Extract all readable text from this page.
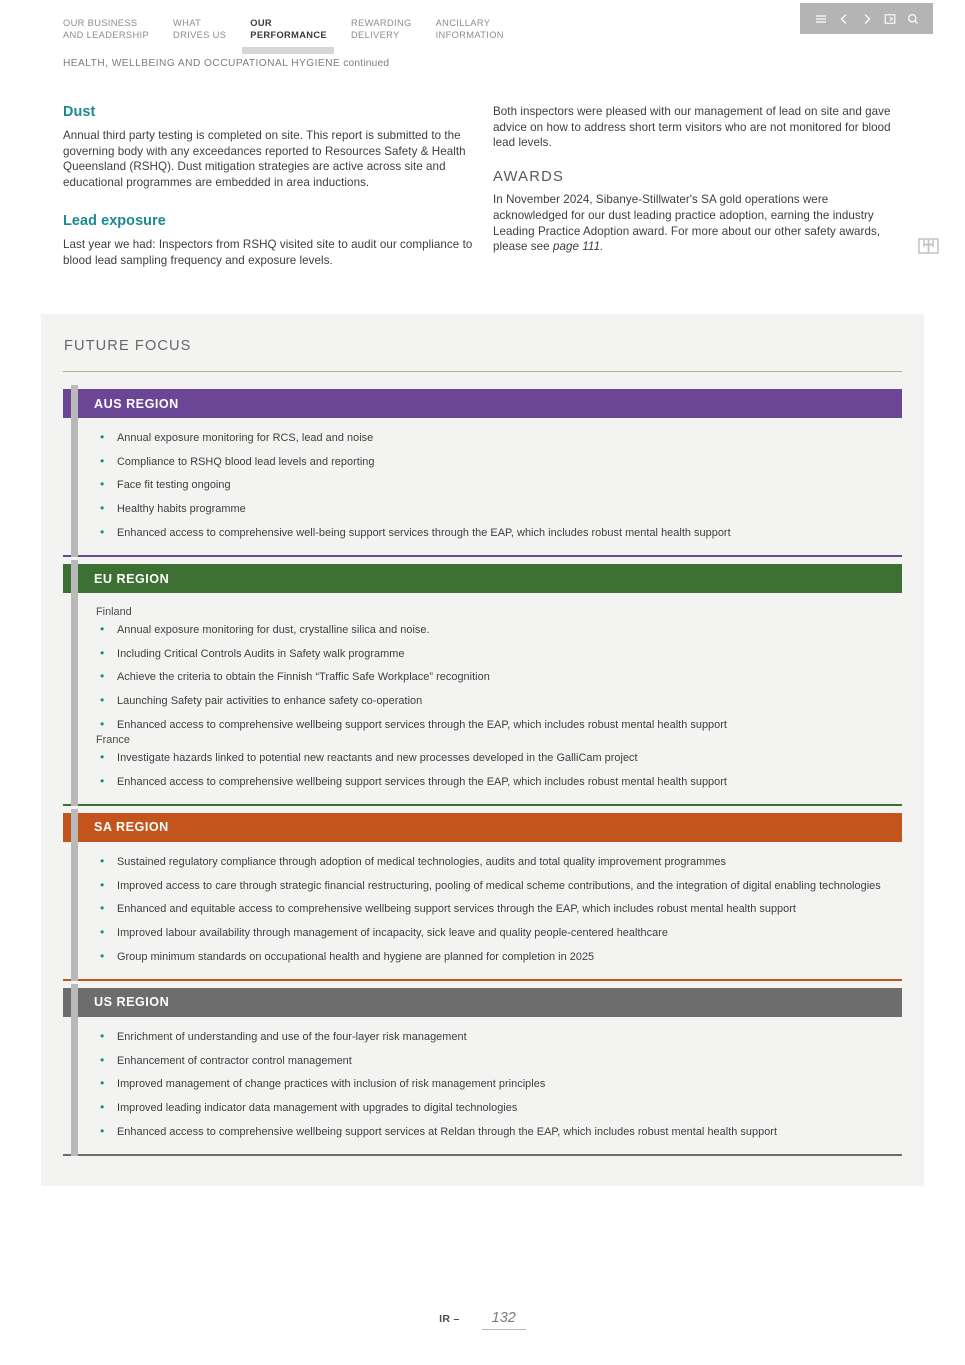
OUR BUSINESS
AND LEADERSHIP
WHAT
DRIVES US
OUR
PERFORMANCE
REWARDING
DELIVERY
ANCILLARY
INFORMATION
HEALTH, WELLBEING AND OCCUPATIONAL HYGIENE continued
Dust

Annual third party testing is completed on site. This report is submitted to the governing body with any exceedances reported to Resources Safety & Health Queensland (RSHQ). Dust mitigation strategies are active across site and educational programmes are embedded in area inductions.

Lead exposure

Last year we had: Inspectors from RSHQ visited site to audit our compliance to blood lead sampling frequency and exposure levels.

Both inspectors were pleased with our management of lead on site and gave advice on how to address short term visitors who are not monitored for blood lead levels.

AWARDS

In November 2024, Sibanye-Stillwater's SA gold operations were acknowledged for our dust leading practice adoption, earning the industry Leading Practice Adoption award. For more about our other safety awards, please see page 111.

FUTURE FOCUS
AUS REGION
• Annual exposure monitoring for RCS, lead and noise
• Compliance to RSHQ blood lead levels and reporting
• Face fit testing ongoing
• Healthy habits programme
• Enhanced access to comprehensive well-being support services through the EAP, which includes robust mental health support
EU REGION
Finland
• Annual exposure monitoring for dust, crystalline silica and noise.
• Including Critical Controls Audits in Safety walk programme
• Achieve the criteria to obtain the Finnish “Traffic Safe Workplace” recognition
• Launching Safety pair activities to enhance safety co-operation
• Enhanced access to comprehensive wellbeing support services through the EAP, which includes robust mental health support
France
• Investigate hazards linked to potential new reactants and new processes developed in the GalliCam project
• Enhanced access to comprehensive wellbeing support services through the EAP, which includes robust mental health support
SA REGION
• Sustained regulatory compliance through adoption of medical technologies, audits and total quality improvement programmes
• Improved access to care through strategic financial restructuring, pooling of medical scheme contributions, and the integration of digital enabling technologies
• Enhanced and equitable access to comprehensive wellbeing support services through the EAP, which includes robust mental health support
• Improved labour availability through management of incapacity, sick leave and quality people-centered healthcare
• Group minimum standards on occupational health and hygiene are planned for completion in 2025
US REGION
• Enrichment of understanding and use of the four-layer risk management
• Enhancement of contractor control management
• Improved management of change practices with inclusion of risk management principles
• Improved leading indicator data management with upgrades to digital technologies
• Enhanced access to comprehensive wellbeing support services at Reldan through the EAP, which includes robust mental health support
IR –	132
